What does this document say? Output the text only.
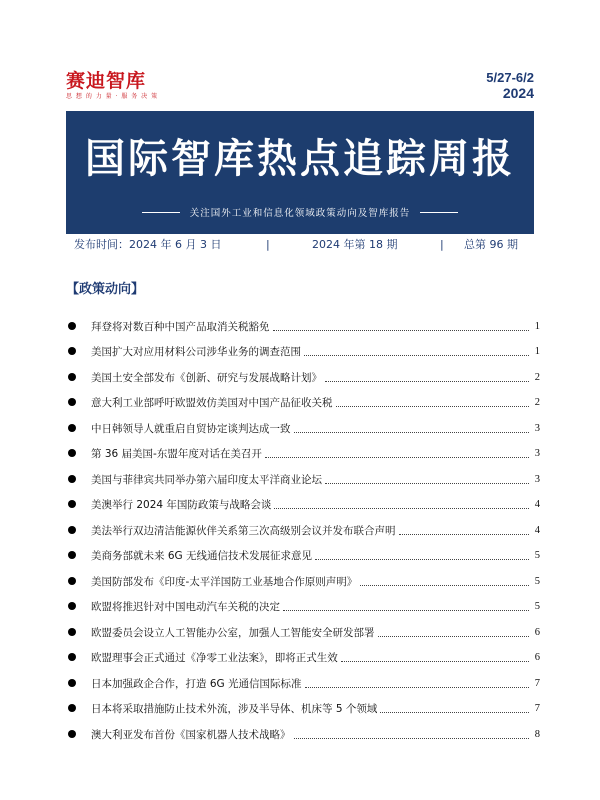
赛迪智库
思 想 的 力 量 · 服 务 决 策
5/27-6/2
2024
国际智库热点追踪周报
关注国外工业和信息化领域政策动向及智库报告
发布时间：2024 年 6 月 3 日	|	2024 年第 18 期	| 总第 96 期
【政策动向】
拜登将对数百种中国产品取消关税豁免	1
美国扩大对应用材料公司涉华业务的调查范围	1
美国土安全部发布《创新、研究与发展战略计划》	2
意大利工业部呼吁欧盟效仿美国对中国产品征收关税	2
中日韩领导人就重启自贸协定谈判达成一致	3
第 36 届美国-东盟年度对话在美召开	3
美国与菲律宾共同举办第六届印度太平洋商业论坛	3
美澳举行 2024 年国防政策与战略会谈	4
美法举行双边清洁能源伙伴关系第三次高级别会议并发布联合声明	4
美商务部就未来 6G 无线通信技术发展征求意见	5
美国防部发布《印度-太平洋国防工业基地合作原则声明》	5
欧盟将推迟针对中国电动汽车关税的决定	5
欧盟委员会设立人工智能办公室，加强人工智能安全研发部署	6
欧盟理事会正式通过《净零工业法案》，即将正式生效	6
日本加强政企合作，打造 6G 光通信国际标准	7
日本将采取措施防止技术外流，涉及半导体、机床等 5 个领域	7
澳大利亚发布首份《国家机器人技术战略》	8
